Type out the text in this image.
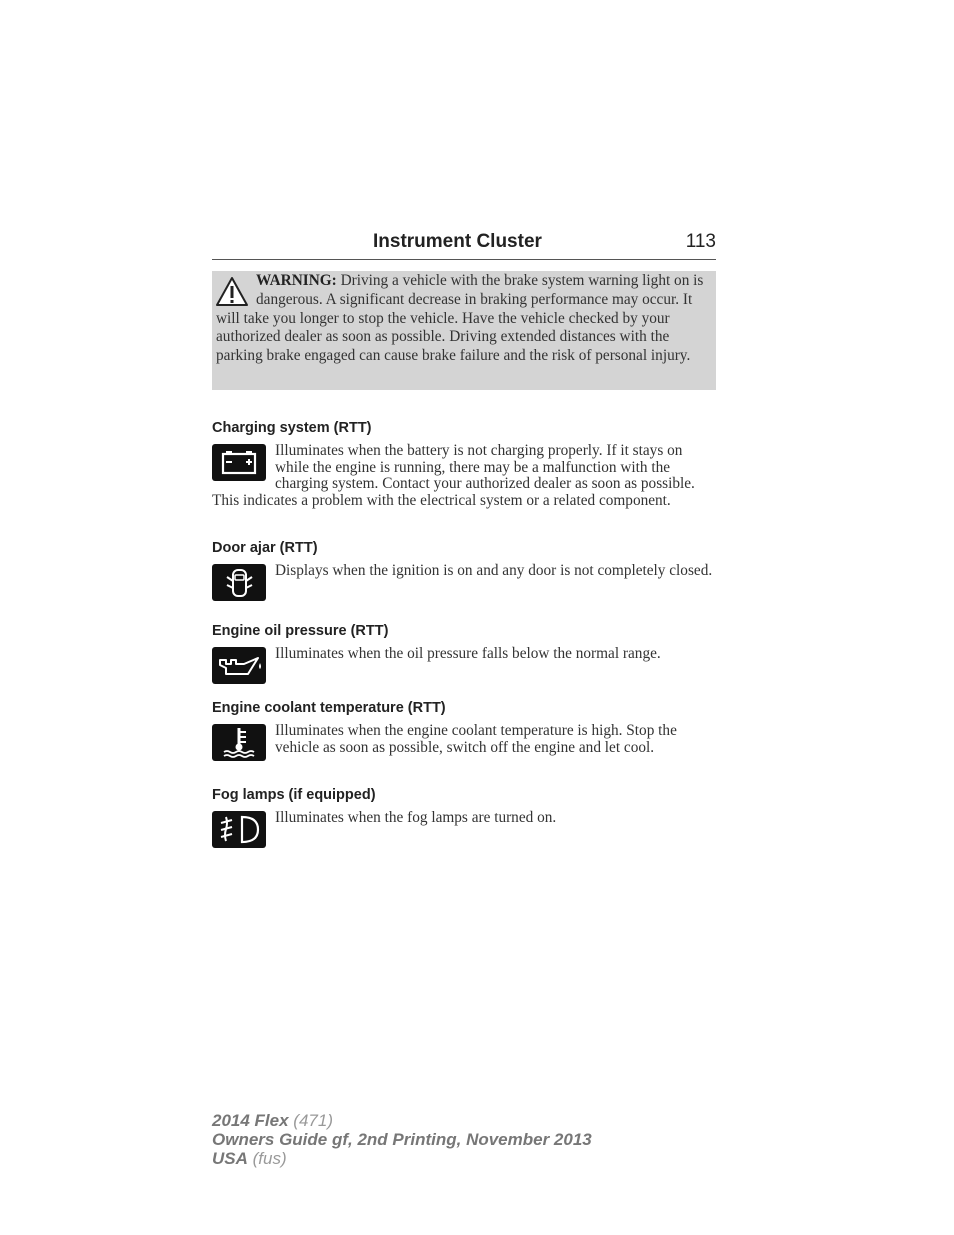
Instrument Cluster	113
WARNING: Driving a vehicle with the brake system warning light on is dangerous. A significant decrease in braking performance may occur. It will take you longer to stop the vehicle. Have the vehicle checked by your authorized dealer as soon as possible. Driving extended distances with the parking brake engaged can cause brake failure and the risk of personal injury.
Charging system (RTT)
Illuminates when the battery is not charging properly. If it stays on while the engine is running, there may be a malfunction with the charging system. Contact your authorized dealer as soon as possible. This indicates a problem with the electrical system or a related component.
Door ajar (RTT)
Displays when the ignition is on and any door is not completely closed.
Engine oil pressure (RTT)
Illuminates when the oil pressure falls below the normal range.
Engine coolant temperature (RTT)
Illuminates when the engine coolant temperature is high. Stop the vehicle as soon as possible, switch off the engine and let cool.
Fog lamps (if equipped)
Illuminates when the fog lamps are turned on.
2014 Flex (471)
Owners Guide gf, 2nd Printing, November 2013
USA (fus)
